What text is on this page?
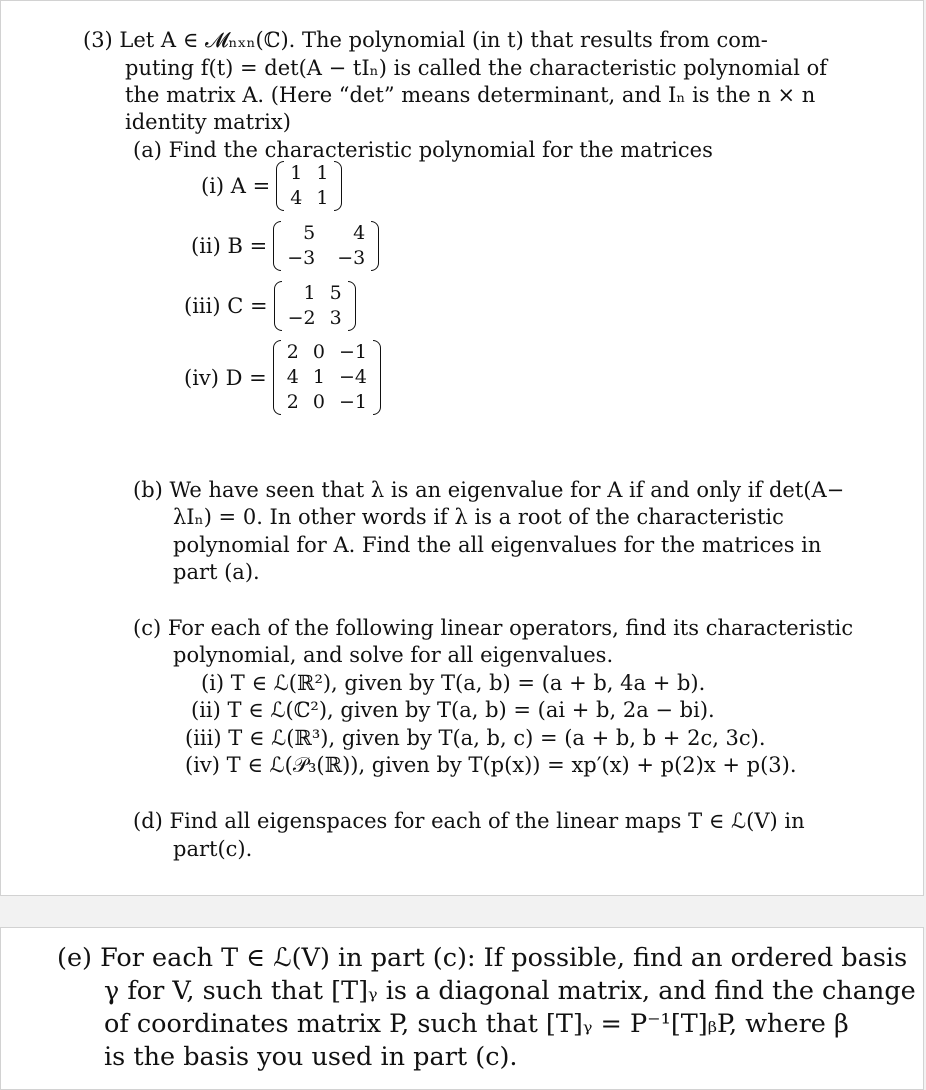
(3) Let A ∈ 𝓜ₙₓₙ(ℂ). The polynomial (in t) that results from com-
puting f(t) = det(A − tIₙ) is called the characteristic polynomial of
the matrix A. (Here “det” means determinant, and Iₙ is the n × n
identity matrix)
(a) Find the characteristic polynomial for the matrices
(i) A =
1 1
4 1
(ii) B =
5	4
−3 −3
(iii) C =
1 5
−2 3
(iv) D =
2 0 −1
4 1 −4
2 0 −1
(b) We have seen that λ is an eigenvalue for A if and only if det(A−
λIₙ) = 0. In other words if λ is a root of the characteristic
polynomial for A. Find the all eigenvalues for the matrices in
part (a).
(c) For each of the following linear operators, find its characteristic
polynomial, and solve for all eigenvalues.
(i) T ∈ ℒ(ℝ²), given by T(a, b) = (a + b, 4a + b).
(ii) T ∈ ℒ(ℂ²), given by T(a, b) = (ai + b, 2a − bi).
(iii) T ∈ ℒ(ℝ³), given by T(a, b, c) = (a + b, b + 2c, 3c).
(iv) T ∈ ℒ(𝒫₃(ℝ)), given by T(p(x)) = xp′(x) + p(2)x + p(3).
(d) Find all eigenspaces for each of the linear maps T ∈ ℒ(V) in
part(c).
(e) For each T ∈ ℒ(V) in part (c): If possible, find an ordered basis
γ for V, such that [T]ᵧ is a diagonal matrix, and find the change
of coordinates matrix P, such that [T]ᵧ = P⁻¹[T]ᵦP, where β
is the basis you used in part (c).
